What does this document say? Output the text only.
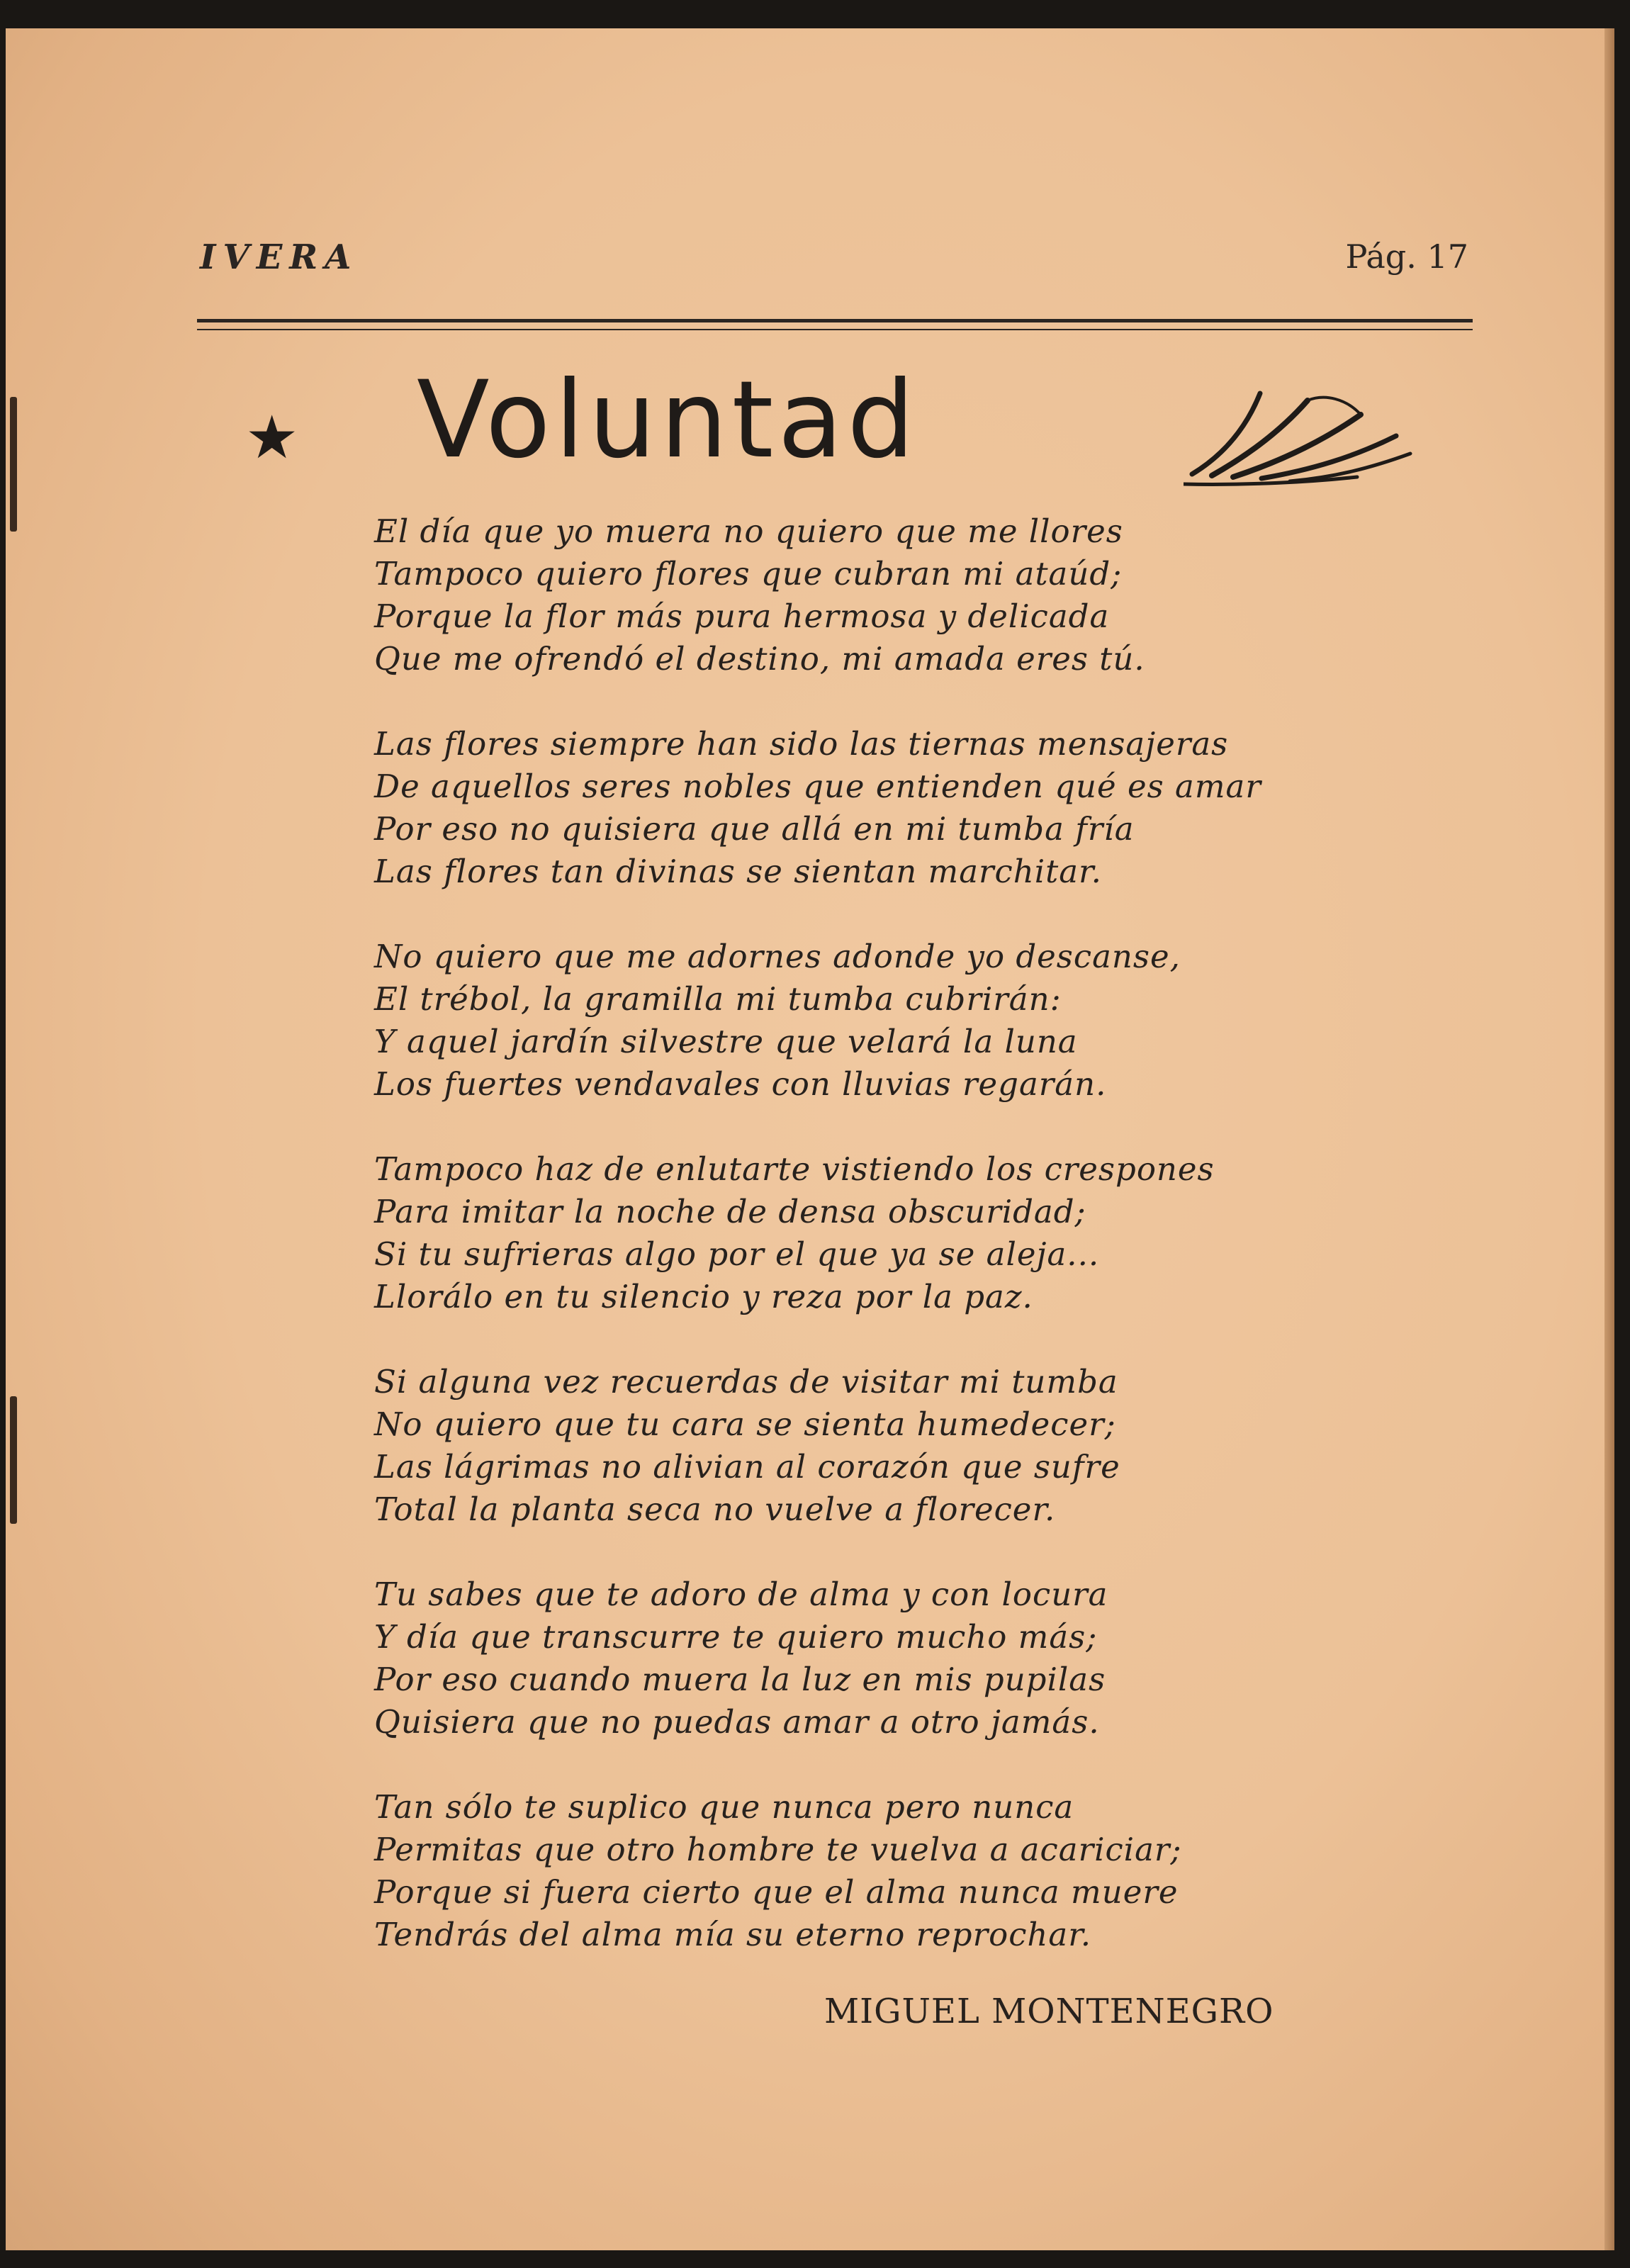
IVERA	Pág. 17
★ Voluntad
El día que yo muera no quiero que me llores
Tampoco quiero flores que cubran mi ataúd;
Porque la flor más pura hermosa y delicada
Que me ofrendó el destino, mi amada eres tú.
Las flores siempre han sido las tiernas mensajeras
De aquellos seres nobles que entienden qué es amar
Por eso no quisiera que allá en mi tumba fría
Las flores tan divinas se sientan marchitar.
No quiero que me adornes adonde yo descanse,
El trébol, la gramilla mi tumba cubrirán:
Y aquel jardín silvestre que velará la luna
Los fuertes vendavales con lluvias regarán.
Tampoco haz de enlutarte vistiendo los crespones
Para imitar la noche de densa obscuridad;
Si tu sufrieras algo por el que ya se aleja...
Llorálo en tu silencio y reza por la paz.
Si alguna vez recuerdas de visitar mi tumba
No quiero que tu cara se sienta humedecer;
Las lágrimas no alivian al corazón que sufre
Total la planta seca no vuelve a florecer.
Tu sabes que te adoro de alma y con locura
Y día que transcurre te quiero mucho más;
Por eso cuando muera la luz en mis pupilas
Quisiera que no puedas amar a otro jamás.
Tan sólo te suplico que nunca pero nunca
Permitas que otro hombre te vuelva a acariciar;
Porque si fuera cierto que el alma nunca muere
Tendrás del alma mía su eterno reprochar.
MIGUEL MONTENEGRO
